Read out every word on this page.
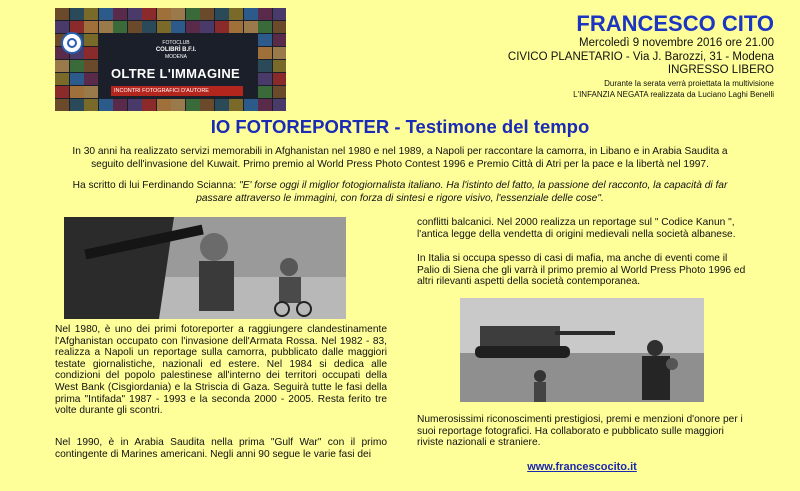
FOTOCLUB
COLIBRÌ B.F.I.
MODENA
OLTRE L'IMMAGINE
INCONTRI FOTOGRAFICI D'AUTORE
FRANCESCO CITO
Mercoledì 9 novembre 2016 ore 21.00
CIVICO PLANETARIO - Via J. Barozzi, 31 - Modena
INGRESSO LIBERO
Durante la serata verrà proiettata la multivisione
L'INFANZIA NEGATA realizzata da Luciano Laghi Benelli
IO FOTOREPORTER - Testimone del tempo
In 30 anni ha realizzato servizi memorabili in Afghanistan nel 1980 e nel 1989, a Napoli per raccontare la camorra, in Libano e in Arabia Saudita a seguito dell'invasione del Kuwait. Primo premio al World Press Photo Contest 1996 e Premio Città di Atri per la pace e la libertà nel 1997.
Ha scritto di lui Ferdinando Scianna: "E' forse oggi il miglior fotogiornalista italiano. Ha l'istinto del fatto, la passione del racconto, la capacità di far passare attraverso le immagini, con forza di sintesi e rigore visivo, l'essenziale delle cose".
Nel 1980, è uno dei primi fotoreporter a raggiungere clandestinamente l'Afghanistan occupato con l'invasione dell'Armata Rossa. Nel 1982 - 83, realizza a Napoli un reportage sulla camorra, pubblicato dalle maggiori testate giornalistiche, nazionali ed estere. Nel 1984 si dedica alle condizioni del popolo palestinese all'interno dei territori occupati della West Bank (Cisgiordania) e la Striscia di Gaza. Seguirà tutte le fasi della prima "Intifada" 1987 - 1993 e la seconda 2000 - 2005. Resta ferito tre volte durante gli scontri.
Nel 1990, è in Arabia Saudita nella prima "Gulf War" con il primo contingente di Marines americani. Negli anni 90 segue le varie fasi dei
conflitti balcanici. Nel 2000 realizza un reportage sul " Codice Kanun ", l'antica legge della vendetta di origini medievali nella società albanese.
In Italia si occupa spesso di casi di mafia, ma anche di eventi come il Palio di Siena che gli varrà il primo premio al World Press Photo 1996 ed altri rilevanti aspetti della società contemporanea.
Numerosissimi riconoscimenti prestigiosi, premi e menzioni d'onore per i suoi reportage fotografici. Ha collaborato e pubblicato sulle maggiori riviste nazionali e straniere.
www.francescocito.it
